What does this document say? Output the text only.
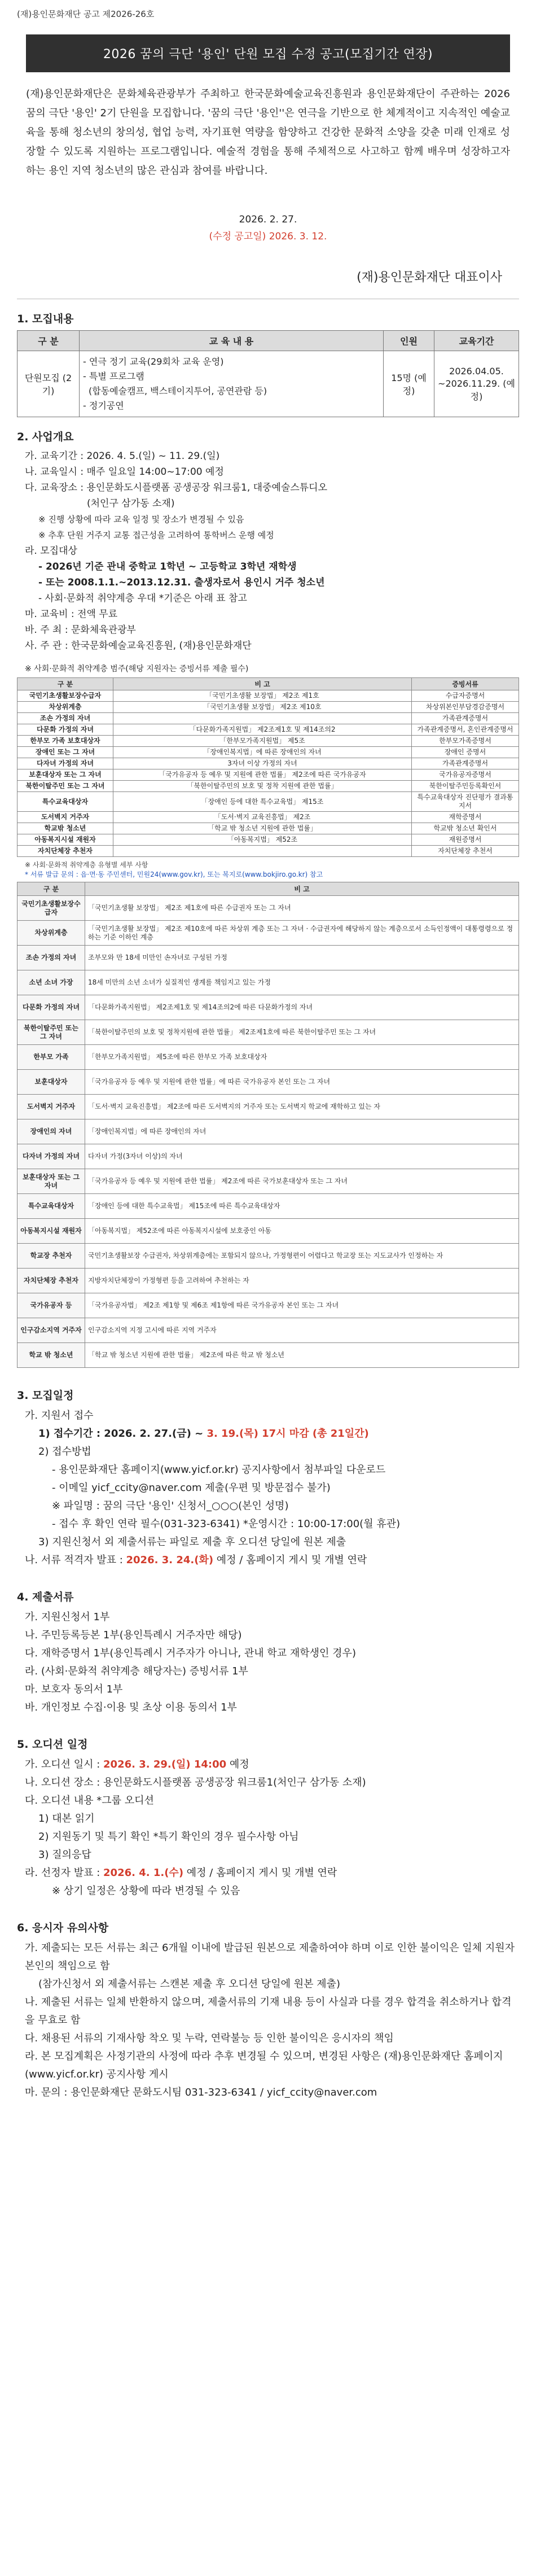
(재)용인문화재단 공고 제2026-26호
2026 꿈의 극단 '용인' 단원 모집 수정 공고(모집기간 연장)
(재)용인문화재단은 문화체육관광부가 주최하고 한국문화예술교육진흥원과 용인문화재단이 주관하는 2026 꿈의 극단 '용인' 2기 단원을 모집합니다. '꿈의 극단 '용인''은 연극을 기반으로 한 체계적이고 지속적인 예술교육을 통해 청소년의 창의성, 협업 능력, 자기표현 역량을 함양하고 건강한 문화적 소양을 갖춘 미래 인재로 성장할 수 있도록 지원하는 프로그램입니다. 예술적 경험을 통해 주체적으로 사고하고 함께 배우며 성장하고자 하는 용인 지역 청소년의 많은 관심과 참여를 바랍니다.
2026. 2. 27.
(수정 공고일) 2026. 3. 12.
(재)용인문화재단 대표이사
1. 모집내용
구 분	교 육 내 용	인원	교육기간
단원모집 (2기)	- 연극 정기 교육(29회차 교육 운영)
- 특별 프로그램
(합동예술캠프, 백스테이지투어, 공연관람 등)
- 정기공연	15명 (예정)	2026.04.05. ~2026.11.29. (예정)
2. 사업개요
가. 교육기간 : 2026. 4. 5.(일) ~ 11. 29.(일)
나. 교육일시 : 매주 일요일 14:00~17:00 예정
다. 교육장소 : 용인문화도시플랫폼 공생공장 워크룸1, 대중예술스튜디오
(처인구 삼가동 소재)
※ 진행 상황에 따라 교육 일정 및 장소가 변경될 수 있음
※ 추후 단원 거주지 교통 접근성을 고려하여 통학버스 운행 예정
라. 모집대상
- 2026년 기준 관내 중학교 1학년 ~ 고등학교 3학년 재학생
- 또는 2008.1.1.~2013.12.31. 출생자로서 용인시 거주 청소년
- 사회·문화적 취약계층 우대 *기준은 아래 표 참고
마. 교육비 : 전액 무료
바. 주 최 : 문화체육관광부
사. 주 관 : 한국문화예술교육진흥원, (재)용인문화재단
※ 사회·문화적 취약계층 범주(해당 지원자는 증빙서류 제출 필수)
구 분	비 고	증빙서류
국민기초생활보장수급자	「국민기초생활 보장법」 제2조 제1호	수급자증명서
차상위계층	「국민기초생활 보장법」 제2조 제10호	차상위본인부담경감증명서
조손 가정의 자녀		가족관계증명서
다문화 가정의 자녀	「다문화가족지원법」 제2조제1호 및 제14조의2	가족관계증명서, 혼인관계증명서
한부모 가족 보호대상자	「한부모가족지원법」 제5조	한부모가족증명서
장애인 또는 그 자녀	「장애인복지법」에 따른 장애인의 자녀	장애인 증명서
다자녀 가정의 자녀	3자녀 이상 가정의 자녀	가족관계증명서
보훈대상자 또는 그 자녀	「국가유공자 등 예우 및 지원에 관한 법률」 제2조에 따른 국가유공자	국가유공자증명서
북한이탈주민 또는 그 자녀	「북한이탈주민의 보호 및 정착 지원에 관한 법률」	북한이탈주민등록확인서
특수교육대상자	「장애인 등에 대한 특수교육법」 제15조	특수교육대상자 진단평가 결과통지서
도서벽지 거주자	「도서·벽지 교육진흥법」 제2조	재학증명서
학교밖 청소년	「학교 밖 청소년 지원에 관한 법률」	학교밖 청소년 확인서
아동복지시설 재원자	「아동복지법」 제52조	재원증명서
자치단체장 추천자		자치단체장 추천서
※ 사회·문화적 취약계층 유형별 세부 사항
* 서류 발급 문의 : 읍·면·동 주민센터, 민원24(www.gov.kr), 또는 복지로(www.bokjiro.go.kr) 참고
구 분	비 고
국민기초생활보장수급자	「국민기초생활 보장법」 제2조 제1호에 따른 수급권자 또는 그 자녀
차상위계층	「국민기초생활 보장법」 제2조 제10호에 따른 차상위 계층 또는 그 자녀 · 수급권자에 해당하지 않는 계층으로서 소득인정액이 대통령령으로 정하는 기준 이하인 계층
조손 가정의 자녀	조부모와 만 18세 미만인 손자녀로 구성된 가정
소년 소녀 가장	18세 미만의 소년 소녀가 실질적인 생계를 책임지고 있는 가정
다문화 가정의 자녀	「다문화가족지원법」 제2조제1호 및 제14조의2에 따른 다문화가정의 자녀
북한이탈주민 또는 그 자녀	「북한이탈주민의 보호 및 정착지원에 관한 법률」 제2조제1호에 따른 북한이탈주민 또는 그 자녀
한부모 가족	「한부모가족지원법」 제5조에 따른 한부모 가족 보호대상자
보훈대상자	「국가유공자 등 예우 및 지원에 관한 법률」에 따른 국가유공자 본인 또는 그 자녀
도서벽지 거주자	「도서·벽지 교육진흥법」 제2조에 따른 도서벽지의 거주자 또는 도서벽지 학교에 재학하고 있는 자
장애인의 자녀	「장애인복지법」에 따른 장애인의 자녀
다자녀 가정의 자녀	다자녀 가정(3자녀 이상)의 자녀
보훈대상자 또는 그 자녀	「국가유공자 등 예우 및 지원에 관한 법률」 제2조에 따른 국가보훈대상자 또는 그 자녀
특수교육대상자	「장애인 등에 대한 특수교육법」 제15조에 따른 특수교육대상자
아동복지시설 재원자	「아동복지법」 제52조에 따른 아동복지시설에 보호중인 아동
학교장 추천자	국민기초생활보장 수급권자, 차상위계층에는 포함되지 않으나, 가정형편이 어렵다고 학교장 또는 지도교사가 인정하는 자
자치단체장 추천자	지방자치단체장이 가정형편 등을 고려하여 추천하는 자
국가유공자 등	「국가유공자법」 제2조 제1항 및 제6조 제1항에 따른 국가유공자 본인 또는 그 자녀
인구감소지역 거주자	인구감소지역 지정 고시에 따른 지역 거주자
학교 밖 청소년	「학교 밖 청소년 지원에 관한 법률」 제2조에 따른 학교 밖 청소년
3. 모집일정
가. 지원서 접수
1) 접수기간 : 2026. 2. 27.(금) ~ 3. 19.(목) 17시 마감 (총 21일간)
2) 접수방법
- 용인문화재단 홈페이지(www.yicf.or.kr) 공지사항에서 첨부파일 다운로드
- 이메일 yicf_ccity@naver.com 제출(우편 및 방문접수 불가)
※ 파일명 : 꿈의 극단 '용인' 신청서_○○○(본인 성명)
- 접수 후 확인 연락 필수(031-323-6341) *운영시간 : 10:00-17:00(월 휴관)
3) 지원신청서 외 제출서류는 파일로 제출 후 오디션 당일에 원본 제출
나. 서류 적격자 발표 : 2026. 3. 24.(화) 예정 / 홈페이지 게시 및 개별 연락
4. 제출서류
가. 지원신청서 1부
나. 주민등록등본 1부(용인특례시 거주자만 해당)
다. 재학증명서 1부(용인특례시 거주자가 아니나, 관내 학교 재학생인 경우)
라. (사회·문화적 취약계층 해당자는) 증빙서류 1부
마. 보호자 동의서 1부
바. 개인정보 수집·이용 및 초상 이용 동의서 1부
5. 오디션 일정
가. 오디션 일시 : 2026. 3. 29.(일) 14:00 예정
나. 오디션 장소 : 용인문화도시플랫폼 공생공장 워크룸1(처인구 삼가동 소재)
다. 오디션 내용 *그룹 오디션
1) 대본 읽기
2) 지원동기 및 특기 확인 *특기 확인의 경우 필수사항 아님
3) 질의응답
라. 선정자 발표 : 2026. 4. 1.(수) 예정 / 홈페이지 게시 및 개별 연락
※ 상기 일정은 상황에 따라 변경될 수 있음
6. 응시자 유의사항
가. 제출되는 모든 서류는 최근 6개월 이내에 발급된 원본으로 제출하여야 하며 이로 인한 불이익은 일체 지원자 본인의 책임으로 함
(참가신청서 외 제출서류는 스캔본 제출 후 오디션 당일에 원본 제출)
나. 제출된 서류는 일체 반환하지 않으며, 제출서류의 기재 내용 등이 사실과 다를 경우 합격을 취소하거나 합격을 무효로 함
다. 채용된 서류의 기재사항 착오 및 누락, 연락불능 등 인한 불이익은 응시자의 책임
라. 본 모집계획은 사정기관의 사정에 따라 추후 변경될 수 있으며, 변경된 사항은 (재)용인문화재단 홈페이지(www.yicf.or.kr) 공지사항 게시
마. 문의 : 용인문화재단 문화도시팀 031-323-6341 / yicf_ccity@naver.com
